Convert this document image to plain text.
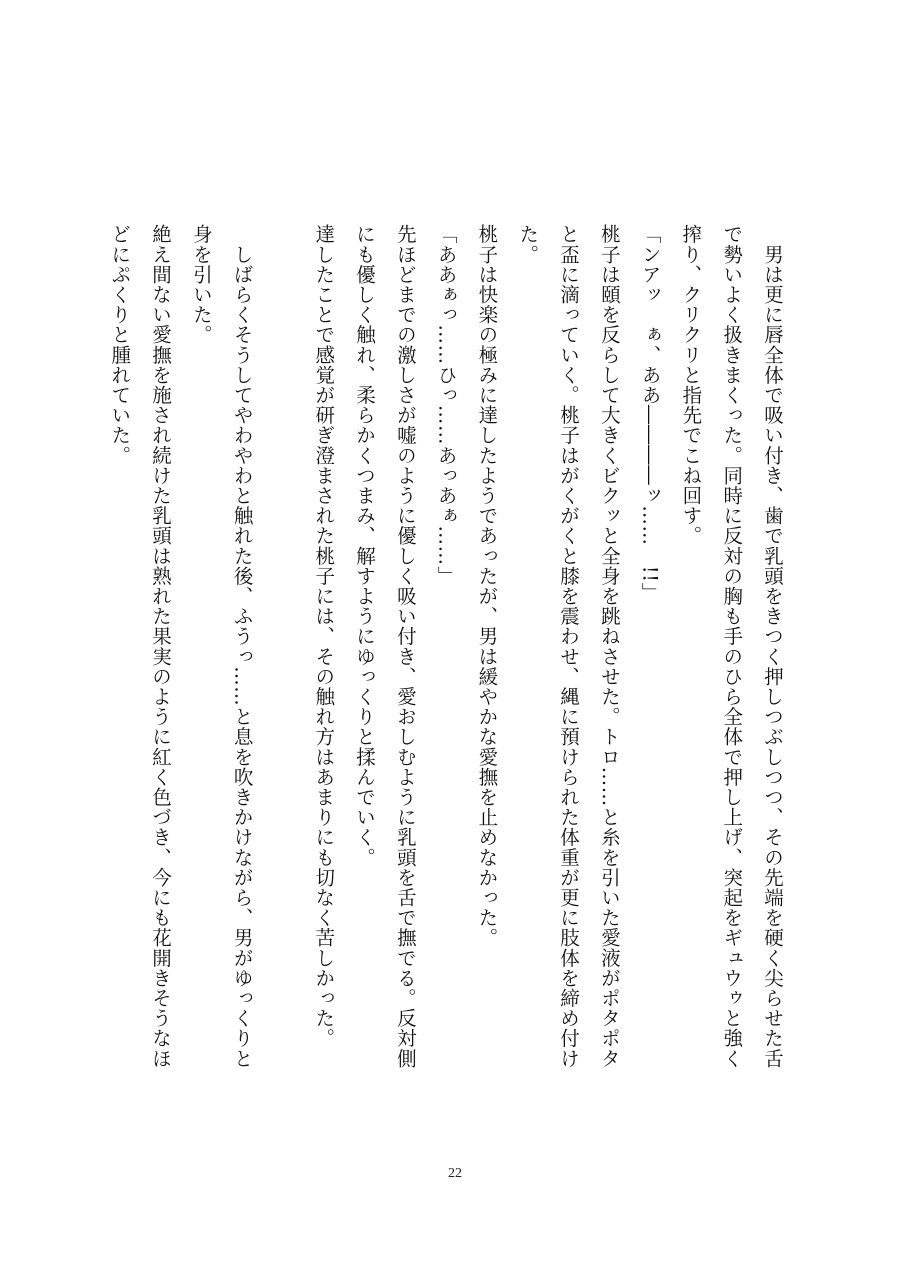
　男は更に唇全体で吸い付き、歯で乳頭をきつく押しつぶしつつ、その先端を硬く尖らせた舌で勢いよく扱きまくった。同時に反対の胸も手のひら全体で押し上げ、突起をギュウゥと強く搾り、クリクリと指先でこね回す。

「ンアッ　ぁ、ああ――――ッ……　!!」

桃子は頤を反らして大きくビクッと全身を跳ねさせた。トロ……と糸を引いた愛液がポタポタと盃に滴っていく。桃子はがくがくと膝を震わせ、縄に預けられた体重が更に肢体を締め付けた。

桃子は快楽の極みに達したようであったが、男は緩やかな愛撫を止めなかった。

「ああぁっ……ひっ……あっあぁ……」

先ほどまでの激しさが嘘のように優しく吸い付き、愛おしむように乳頭を舌で撫でる。反対側にも優しく触れ、柔らかくつまみ、解すようにゆっくりと揉んでいく。

達したことで感覚が研ぎ澄まされた桃子には、その触れ方はあまりにも切なく苦しかった。

　しばらくそうしてやわやわと触れた後、ふうっ……と息を吹きかけながら、男がゆっくりと身を引いた。

絶え間ない愛撫を施され続けた乳頭は熟れた果実のように紅く色づき、今にも花開きそうなほどにぷくりと腫れていた。

22
